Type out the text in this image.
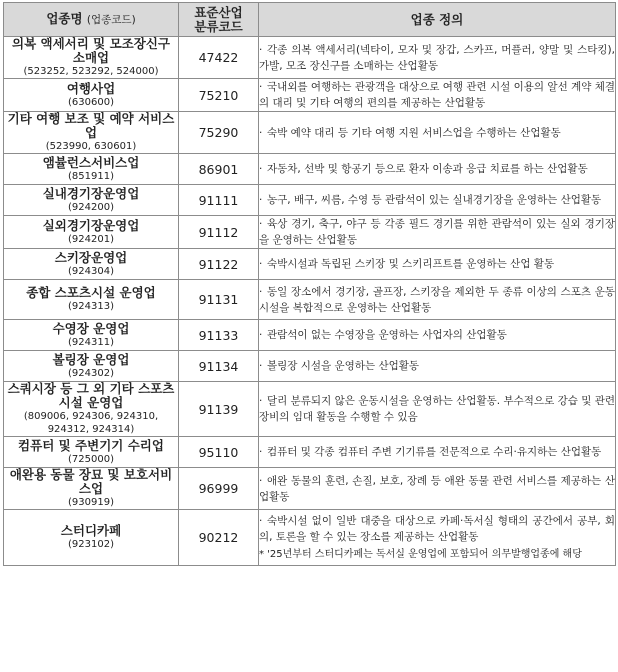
업종명 (업종코드)	표준산업
분류코드	업종 정의

의복 액세서리 및 모조장신구 소매업
(523252, 523292, 524000)	47422	· 각종 의복 액세서리(넥타이, 모자 및 장갑, 스카프, 머플러, 양말 및 스타킹), 가발, 모조 장신구를 소매하는 산업활동

여행사업
(630600)	75210	· 국내외를 여행하는 관광객을 대상으로 여행 관련 시설 이용의 알선 계약 체결의 대리 및 기타 여행의 편의를 제공하는 산업활동

기타 여행 보조 및 예약 서비스업
(523990, 630601)	75290	· 숙박 예약 대리 등 기타 여행 지원 서비스업을 수행하는 산업활동

앰뷸런스서비스업
(851911)	86901	· 자동차, 선박 및 항공기 등으로 환자 이송과 응급 치료를 하는 산업활동

실내경기장운영업
(924200)	91111	· 농구, 배구, 씨름, 수영 등 관람석이 있는 실내경기장을 운영하는 산업활동

실외경기장운영업
(924201)	91112	· 육상 경기, 축구, 야구 등 각종 필드 경기를 위한 관람석이 있는 실외 경기장을 운영하는 산업활동

스키장운영업
(924304)	91122	· 숙박시설과 독립된 스키장 및 스키리프트를 운영하는 산업 활동

종합 스포츠시설 운영업
(924313)	91131	· 동일 장소에서 경기장, 골프장, 스키장을 제외한 두 종류 이상의 스포츠 운동시설을 복합적으로 운영하는 산업활동

수영장 운영업
(924311)	91133	· 관람석이 없는 수영장을 운영하는 사업자의 산업활동

볼링장 운영업
(924302)	91134	· 볼링장 시설을 운영하는 산업활동

스쿼시장 등 그 외 기타 스포츠시설 운영업
(809006, 924306, 924310, 924312, 924314)	91139	· 달리 분류되지 않은 운동시설을 운영하는 산업활동. 부수적으로 강습 및 관련 장비의 임대 활동을 수행할 수 있음

컴퓨터 및 주변기기 수리업
(725000)	95110	· 컴퓨터 및 각종 컴퓨터 주변 기기류를 전문적으로 수리·유지하는 산업활동

애완용 동물 장묘 및 보호서비스업
(930919)	96999	· 애완 동물의 훈련, 손질, 보호, 장례 등 애완 동물 관련 서비스를 제공하는 산업활동

스터디카페
(923102)	90212	· 숙박시설 없이 일반 대중을 대상으로 카페·독서실 형태의 공간에서 공부, 회의, 토론을 할 수 있는 장소를 제공하는 산업활동
* '25년부터 스터디카페는 독서실 운영업에 포함되어 의무발행업종에 해당
